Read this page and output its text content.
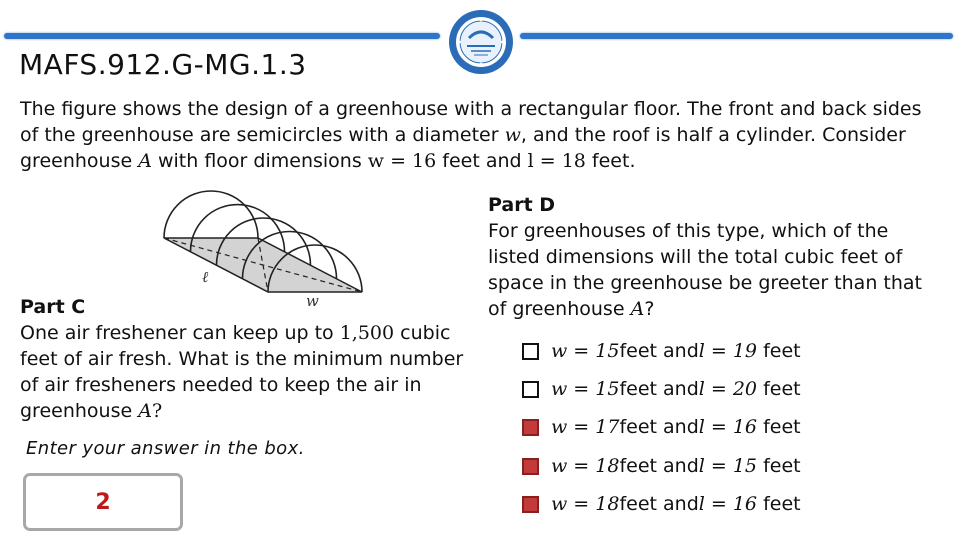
MAFS.912.G-MG.1.3
The figure shows the design of a greenhouse with a rectangular floor. The front and back sides of the greenhouse are semicircles with a diameter w, and the roof is half a cylinder. Consider greenhouse A with floor dimensions w = 16 feet and l = 18 feet.
ℓ
w
Part C
One air freshener can keep up to 1,500 cubic feet of air fresh. What is the minimum number of air fresheners needed to keep the air in greenhouse A?
Enter your answer in the box.
2
Part D
For greenhouses of this type, which of the listed dimensions will the total cubic feet of space in the greenhouse be greeter than that of greenhouse A?
w = 15 feet and l = 19
feet
w = 15 feet and l = 20
feet
w = 17 feet and l = 16
feet
w = 18 feet and l = 15
feet
w = 18 feet and l = 16
feet
